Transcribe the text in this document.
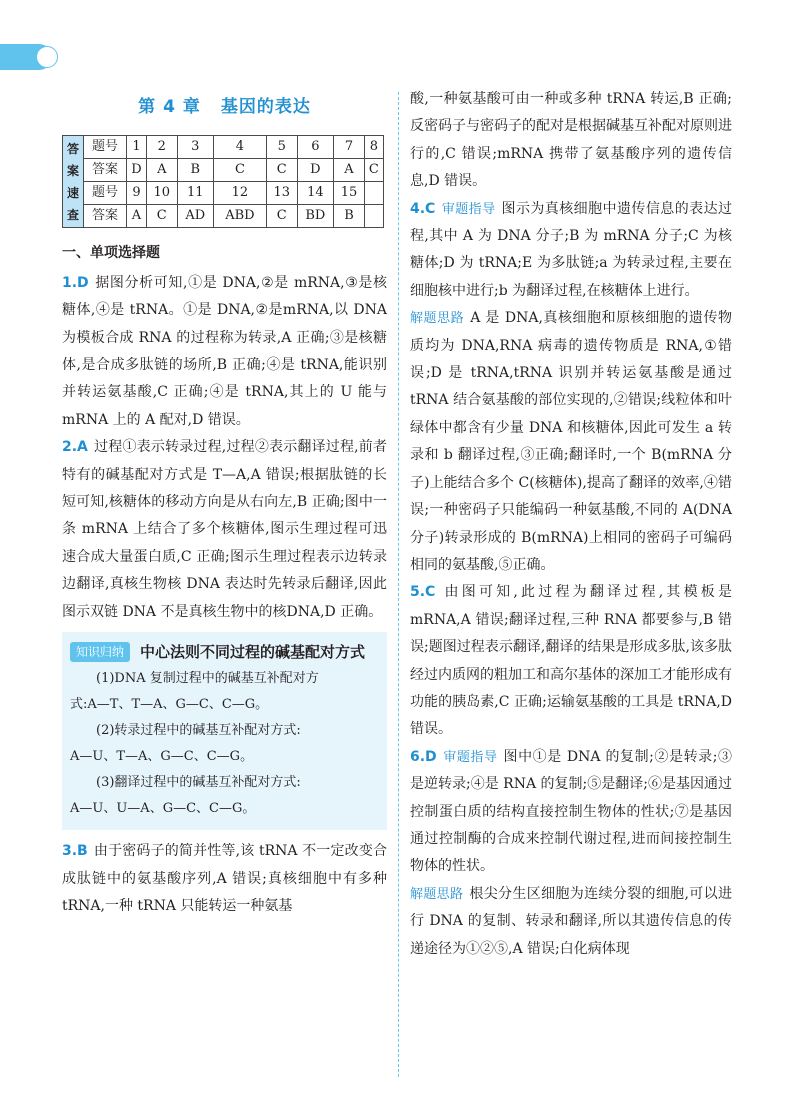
第 4 章 基因的表达
答案速查	题号	1	2	3	4	5	6	7	8
	答案	D	A	B	C	C	D	A	C
	题号	9	10	11	12	13	14	15	
	答案	A	C	AD	ABD	C	BD	B	
一、单项选择题

1.D 据图分析可知,①是 DNA,②是 mRNA,③是核糖体,④是 tRNA。①是 DNA,②是mRNA,以 DNA 为模板合成 RNA 的过程称为转录,A 正确;③是核糖体,是合成多肽链的场所,B 正确;④是 tRNA,能识别并转运氨基酸,C 正确;④是 tRNA,其上的 U 能与 mRNA 上的 A 配对,D 错误。

2.A 过程①表示转录过程,过程②表示翻译过程,前者特有的碱基配对方式是 T—A,A 错误;根据肽链的长短可知,核糖体的移动方向是从右向左,B 正确;图中一条 mRNA 上结合了多个核糖体,图示生理过程可迅速合成大量蛋白质,C 正确;图示生理过程表示边转录边翻译,真核生物核 DNA 表达时先转录后翻译,因此图示双链 DNA 不是真核生物中的核DNA,D 正确。

知识归纳	中心法则不同过程的碱基配对方式

(1)DNA 复制过程中的碱基互补配对方

式:A—T、T—A、G—C、C—G。

(2)转录过程中的碱基互补配对方式:

A—U、T—A、G—C、C—G。

(3)翻译过程中的碱基互补配对方式:

A—U、U—A、G—C、C—G。

3.B 由于密码子的简并性等,该 tRNA 不一定改变合成肽链中的氨基酸序列,A 错误;真核细胞中有多种 tRNA,一种 tRNA 只能转运一种氨基

酸,一种氨基酸可由一种或多种 tRNA 转运,B 正确;反密码子与密码子的配对是根据碱基互补配对原则进行的,C 错误;mRNA 携带了氨基酸序列的遗传信息,D 错误。

4.C 审题指导 图示为真核细胞中遗传信息的表达过程,其中 A 为 DNA 分子;B 为 mRNA 分子;C 为核糖体;D 为 tRNA;E 为多肽链;a 为转录过程,主要在细胞核中进行;b 为翻译过程,在核糖体上进行。

解题思路 A 是 DNA,真核细胞和原核细胞的遗传物质均为 DNA,RNA 病毒的遗传物质是 RNA,①错误;D 是 tRNA,tRNA 识别并转运氨基酸是通过 tRNA 结合氨基酸的部位实现的,②错误;线粒体和叶绿体中都含有少量 DNA 和核糖体,因此可发生 a 转录和 b 翻译过程,③正确;翻译时,一个 B(mRNA 分子)上能结合多个 C(核糖体),提高了翻译的效率,④错误;一种密码子只能编码一种氨基酸,不同的 A(DNA 分子)转录形成的 B(mRNA)上相同的密码子可编码相同的氨基酸,⑤正确。

5.C 由图可知,此过程为翻译过程,其模板是 mRNA,A 错误;翻译过程,三种 RNA 都要参与,B 错误;题图过程表示翻译,翻译的结果是形成多肽,该多肽经过内质网的粗加工和高尔基体的深加工才能形成有功能的胰岛素,C 正确;运输氨基酸的工具是 tRNA,D 错误。

6.D 审题指导 图中①是 DNA 的复制;②是转录;③是逆转录;④是 RNA 的复制;⑤是翻译;⑥是基因通过控制蛋白质的结构直接控制生物体的性状;⑦是基因通过控制酶的合成来控制代谢过程,进而间接控制生物体的性状。

解题思路 根尖分生区细胞为连续分裂的细胞,可以进行 DNA 的复制、转录和翻译,所以其遗传信息的传递途径为①②⑤,A 错误;白化病体现
